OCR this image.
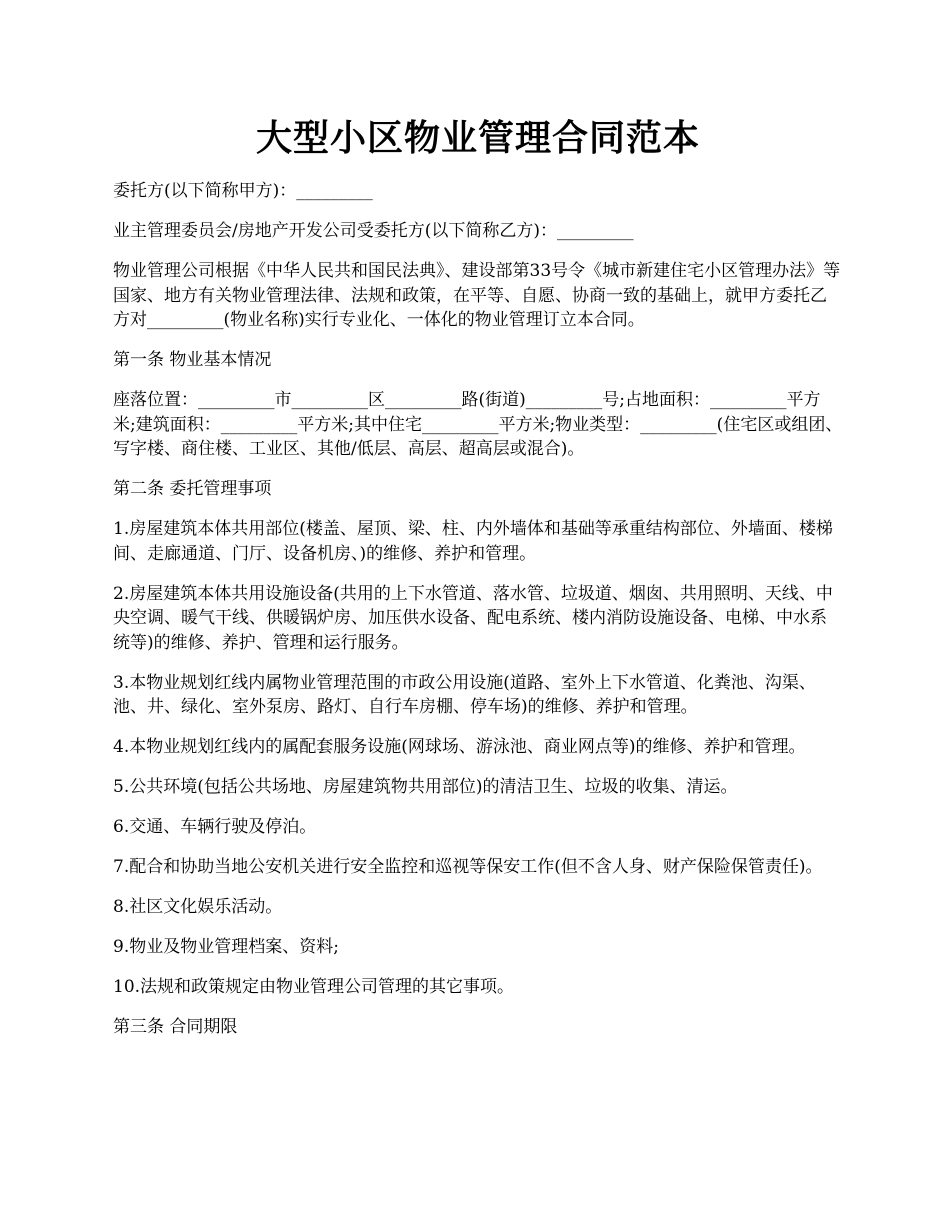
大型小区物业管理合同范本

委托方(以下简称甲方)：_________

业主管理委员会/房地产开发公司受委托方(以下简称乙方)：_________

物业管理公司根据《中华人民共和国民法典》、建设部第33号令《城市新建住宅小区管理办法》等国家、地方有关物业管理法律、法规和政策，在平等、自愿、协商一致的基础上，就甲方委托乙方对_________(物业名称)实行专业化、一体化的物业管理订立本合同。

第一条 物业基本情况

座落位置：_________市_________区_________路(街道)_________号;占地面积：_________平方米;建筑面积：_________平方米;其中住宅_________平方米;物业类型：_________(住宅区或组团、写字楼、商住楼、工业区、其他/低层、高层、超高层或混合)。

第二条 委托管理事项

1.房屋建筑本体共用部位(楼盖、屋顶、梁、柱、内外墙体和基础等承重结构部位、外墙面、楼梯间、走廊通道、门厅、设备机房、)的维修、养护和管理。

2.房屋建筑本体共用设施设备(共用的上下水管道、落水管、垃圾道、烟囱、共用照明、天线、中央空调、暖气干线、供暖锅炉房、加压供水设备、配电系统、楼内消防设施设备、电梯、中水系统等)的维修、养护、管理和运行服务。

3.本物业规划红线内属物业管理范围的市政公用设施(道路、室外上下水管道、化粪池、沟渠、池、井、绿化、室外泵房、路灯、自行车房棚、停车场)的维修、养护和管理。

4.本物业规划红线内的属配套服务设施(网球场、游泳池、商业网点等)的维修、养护和管理。

5.公共环境(包括公共场地、房屋建筑物共用部位)的清洁卫生、垃圾的收集、清运。

6.交通、车辆行驶及停泊。

7.配合和协助当地公安机关进行安全监控和巡视等保安工作(但不含人身、财产保险保管责任)。

8.社区文化娱乐活动。

9.物业及物业管理档案、资料;

10.法规和政策规定由物业管理公司管理的其它事项。

第三条 合同期限
